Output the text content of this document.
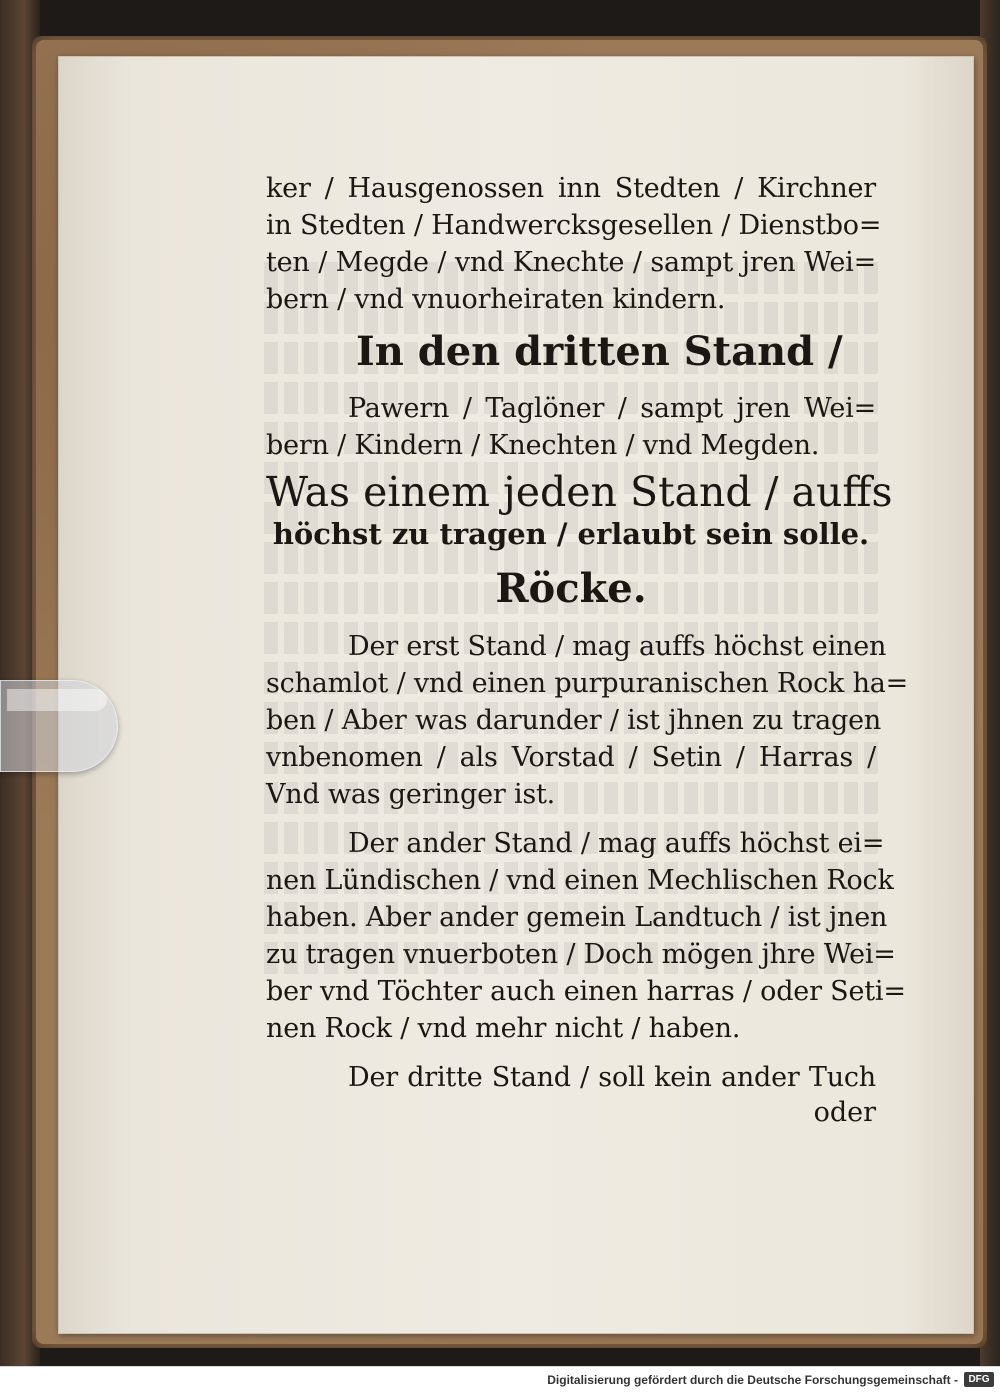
ker / Hausgenossen inn Stedten / Kirchner
in Stedten / Handwercksgesellen / Dienstbo=
ten / Megde / vnd Knechte / sampt jren Wei=
bern / vnd vnuorheiraten kindern.
In den dritten Stand /
Pawern / Taglöner / sampt jren Wei=
bern / Kindern / Knechten / vnd Megden.
Was einem jeden Stand / auffs
höchst zu tragen / erlaubt sein solle.
Röcke.
Der erst Stand / mag auffs höchst einen
schamlot / vnd einen purpuranischen Rock ha=
ben / Aber was darunder / ist jhnen zu tragen
vnbenomen / als Vorstad / Setin / Harras /
Vnd was geringer ist.
Der ander Stand / mag auffs höchst ei=
nen Lündischen / vnd einen Mechlischen Rock
haben. Aber ander gemein Landtuch / ist jnen
zu tragen vnuerboten / Doch mögen jhre Wei=
ber vnd Töchter auch einen harras / oder Seti=
nen Rock / vnd mehr nicht / haben.
Der dritte Stand / soll kein ander Tuch
oder
Digitalisierung gefördert durch die Deutsche Forschungsgemeinschaft -	DFG
